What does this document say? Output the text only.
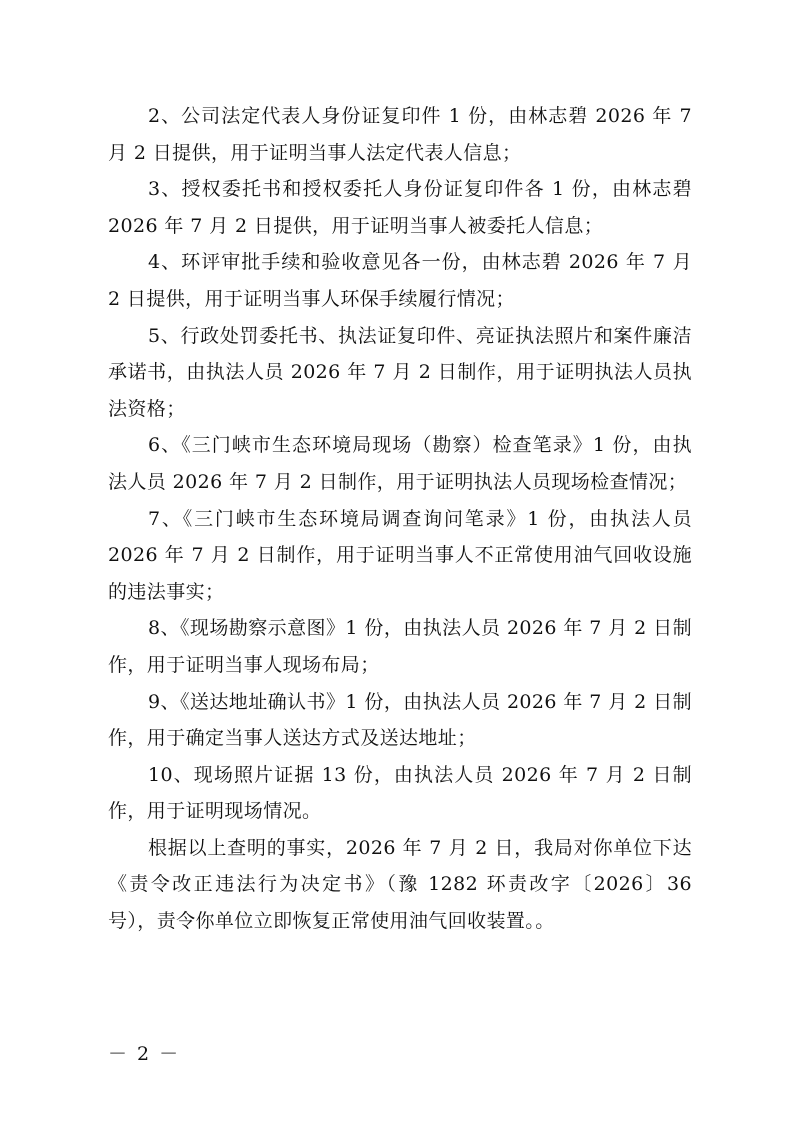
2、公司法定代表人身份证复印件 1 份，由林志碧 2026 年 7 月 2 日提供，用于证明当事人法定代表人信息；

3、授权委托书和授权委托人身份证复印件各 1 份，由林志碧 2026 年 7 月 2 日提供，用于证明当事人被委托人信息；

4、环评审批手续和验收意见各一份，由林志碧 2026 年 7 月 2 日提供，用于证明当事人环保手续履行情况；

5、行政处罚委托书、执法证复印件、亮证执法照片和案件廉洁承诺书，由执法人员 2026 年 7 月 2 日制作，用于证明执法人员执法资格；

6、《三门峡市生态环境局现场（勘察）检查笔录》1 份，由执法人员 2026 年 7 月 2 日制作，用于证明执法人员现场检查情况；

7、《三门峡市生态环境局调查询问笔录》1 份，由执法人员 2026 年 7 月 2 日制作，用于证明当事人不正常使用油气回收设施的违法事实；

8、《现场勘察示意图》1 份，由执法人员 2026 年 7 月 2 日制作，用于证明当事人现场布局；

9、《送达地址确认书》1 份，由执法人员 2026 年 7 月 2 日制作，用于确定当事人送达方式及送达地址；

10、现场照片证据 13 份，由执法人员 2026 年 7 月 2 日制作，用于证明现场情况。

根据以上查明的事实，2026 年 7 月 2 日，我局对你单位下达《责令改正违法行为决定书》（豫 1282 环责改字〔2026〕36 号），责令你单位立即恢复正常使用油气回收装置。。

－ 2 －
